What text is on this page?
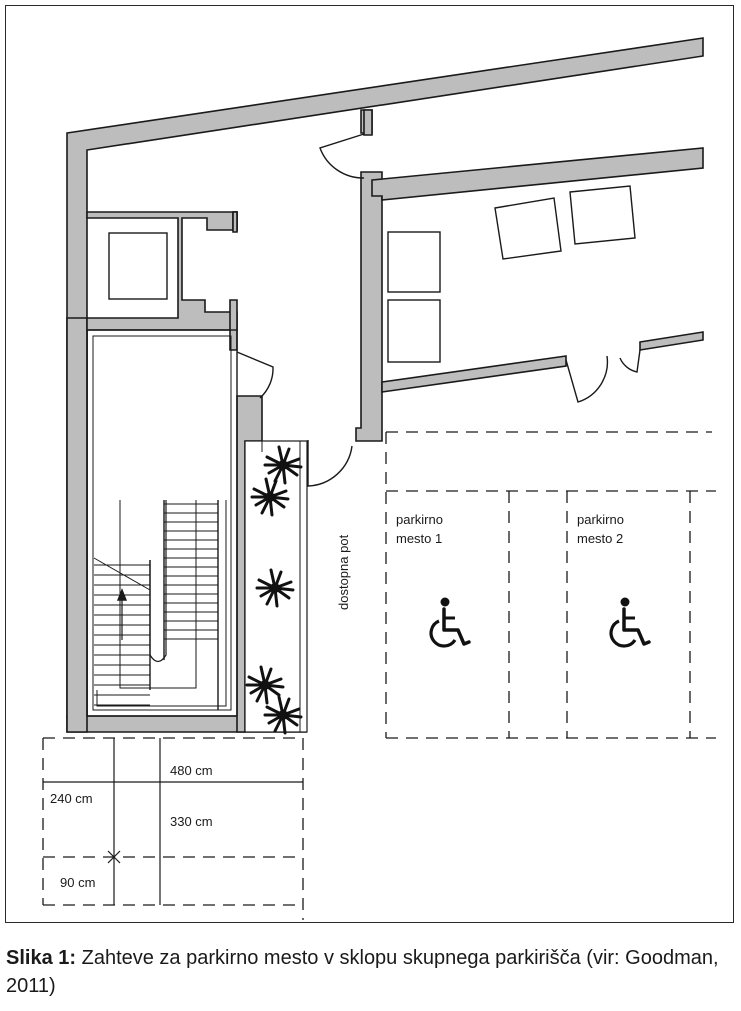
parkirno
mesto 1
parkirno
mesto 2
dostopna pot
480 cm
240 cm
330 cm
90 cm
Slika 1: Zahteve za parkirno mesto v sklopu skupnega parkirišča (vir: Goodman, 2011)
